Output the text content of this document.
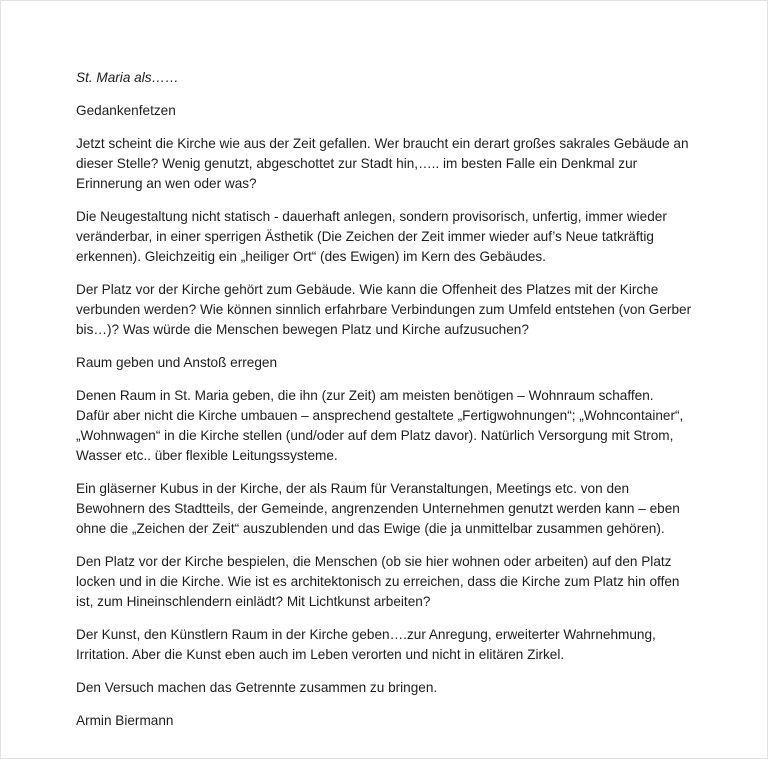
St. Maria als……

Gedankenfetzen

Jetzt scheint die Kirche wie aus der Zeit gefallen. Wer braucht ein derart großes sakrales Gebäude an
dieser Stelle? Wenig genutzt, abgeschottet zur Stadt hin,….. im besten Falle ein Denkmal zur
Erinnerung an wen oder was?

Die Neugestaltung nicht statisch - dauerhaft anlegen, sondern provisorisch, unfertig, immer wieder
veränderbar, in einer sperrigen Ästhetik (Die Zeichen der Zeit immer wieder auf’s Neue tatkräftig
erkennen). Gleichzeitig ein „heiliger Ort“ (des Ewigen) im Kern des Gebäudes.

Der Platz vor der Kirche gehört zum Gebäude. Wie kann die Offenheit des Platzes mit der Kirche
verbunden werden? Wie können sinnlich erfahrbare Verbindungen zum Umfeld entstehen (von Gerber
bis…)? Was würde die Menschen bewegen Platz und Kirche aufzusuchen?

Raum geben und Anstoß erregen

Denen Raum in St. Maria geben, die ihn (zur Zeit) am meisten benötigen – Wohnraum schaffen.
Dafür aber nicht die Kirche umbauen – ansprechend gestaltete „Fertigwohnungen“; „Wohncontainer“,
„Wohnwagen“ in die Kirche stellen (und/oder auf dem Platz davor). Natürlich Versorgung mit Strom,
Wasser etc.. über flexible Leitungssysteme.

Ein gläserner Kubus in der Kirche, der als Raum für Veranstaltungen, Meetings etc. von den
Bewohnern des Stadtteils, der Gemeinde, angrenzenden Unternehmen genutzt werden kann – eben
ohne die „Zeichen der Zeit“ auszublenden und das Ewige (die ja unmittelbar zusammen gehören).

Den Platz vor der Kirche bespielen, die Menschen (ob sie hier wohnen oder arbeiten) auf den Platz
locken und in die Kirche. Wie ist es architektonisch zu erreichen, dass die Kirche zum Platz hin offen
ist, zum Hineinschlendern einlädt? Mit Lichtkunst arbeiten?

Der Kunst, den Künstlern Raum in der Kirche geben….zur Anregung, erweiterter Wahrnehmung,
Irritation. Aber die Kunst eben auch im Leben verorten und nicht in elitären Zirkel.

Den Versuch machen das Getrennte zusammen zu bringen.

Armin Biermann
